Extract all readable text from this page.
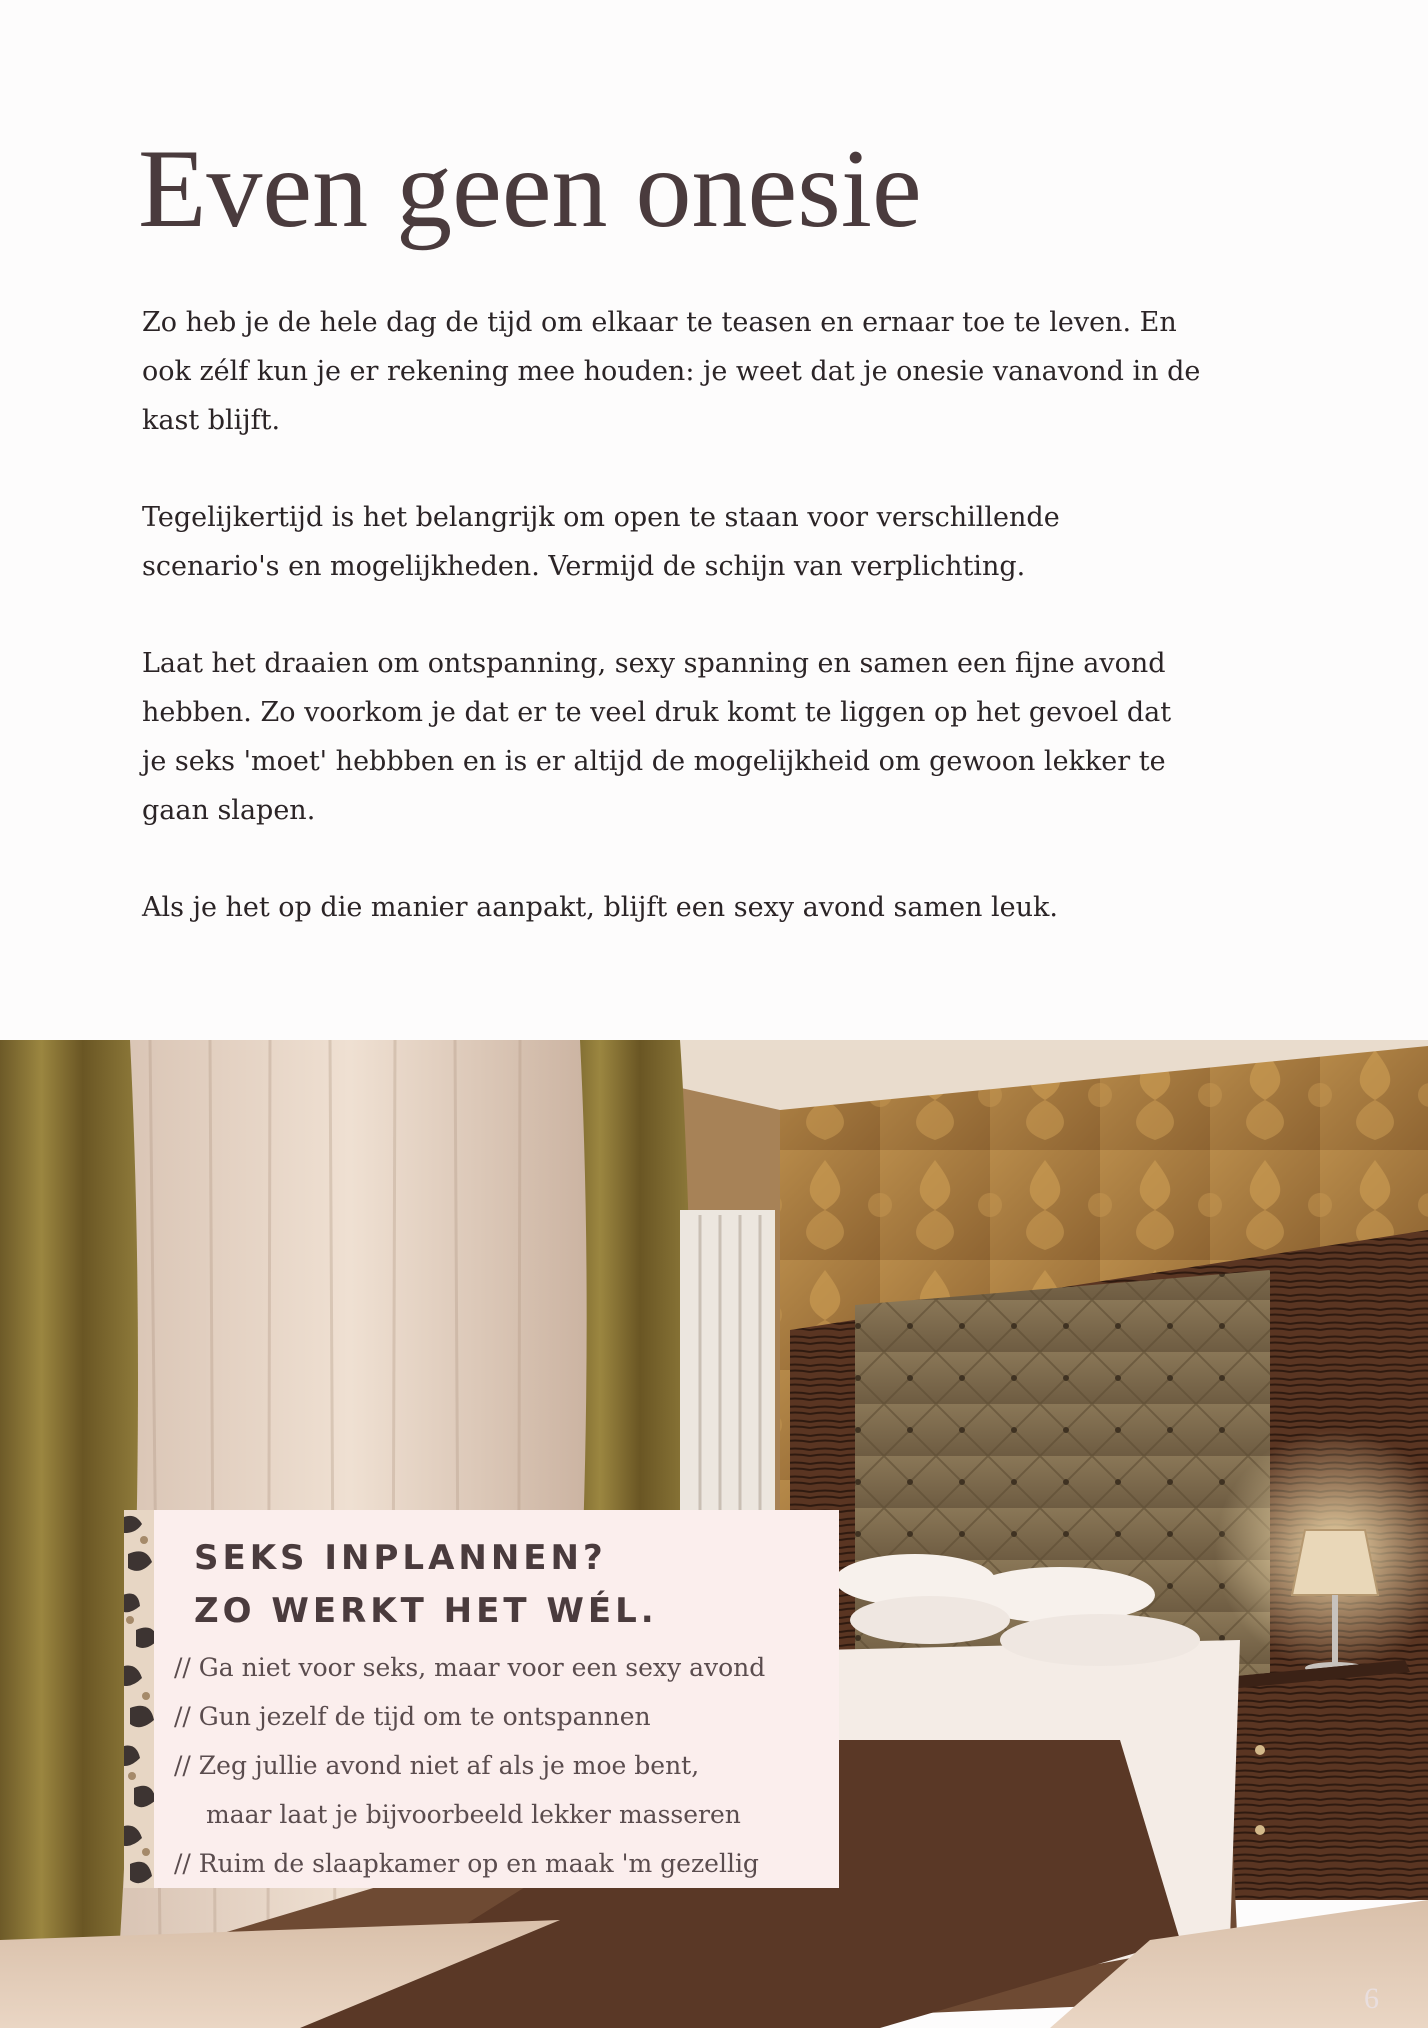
Even geen onesie

Zo heb je de hele dag de tijd om elkaar te teasen en ernaar toe te leven. En ook zélf kun je er rekening mee houden: je weet dat je onesie vanavond in de kast blijft.

Tegelijkertijd is het belangrijk om open te staan voor verschillende scenario's en mogelijkheden. Vermijd de schijn van verplichting.

Laat het draaien om ontspanning, sexy spanning en samen een fijne avond hebben. Zo voorkom je dat er te veel druk komt te liggen op het gevoel dat je seks 'moet' hebbben en is er altijd de mogelijkheid om gewoon lekker te gaan slapen.

Als je het op die manier aanpakt, blijft een sexy avond samen leuk.

SEKS INPLANNEN?
ZO WERKT HET WÉL.
// Ga niet voor seks, maar voor een sexy avond
// Gun jezelf de tijd om te ontspannen
// Zeg jullie avond niet af als je moe bent,
maar laat je bijvoorbeeld lekker masseren
// Ruim de slaapkamer op en maak 'm gezellig
6
